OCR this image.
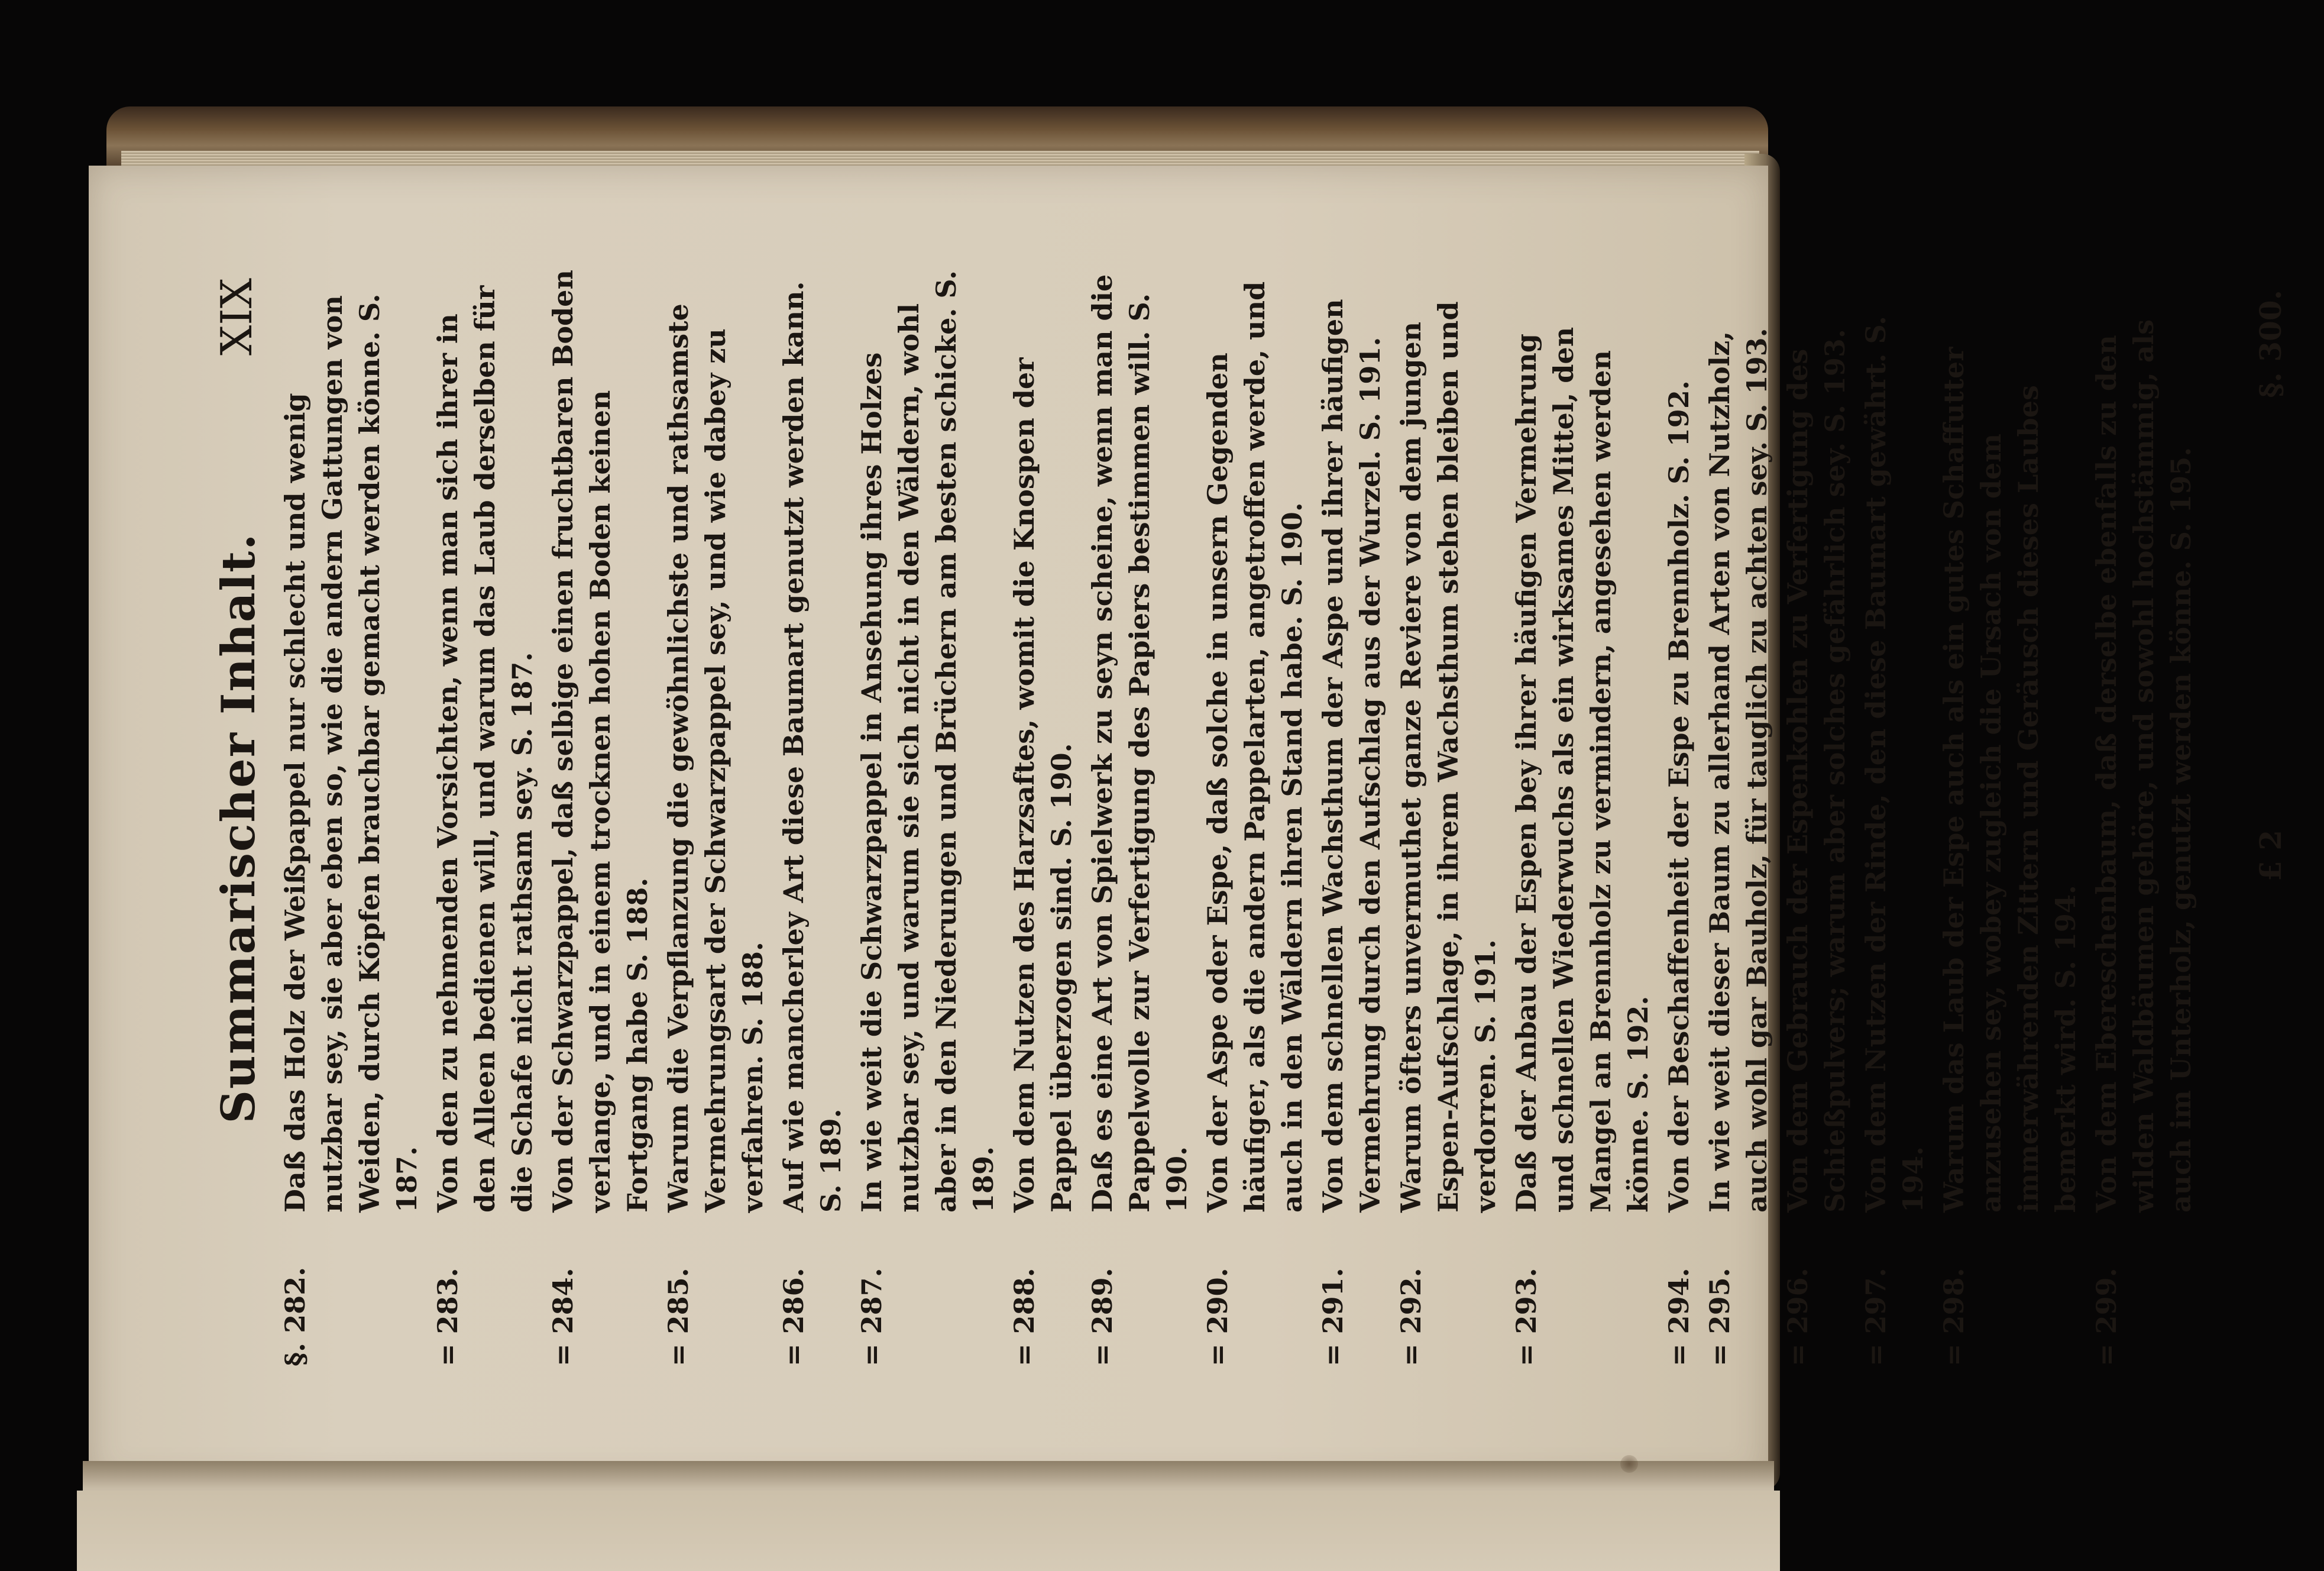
Summarischer Inhalt.
XIX
§. 282.
Daß das Holz der Weißpappel nur schlecht und wenig nutzbar sey, sie aber eben so, wie die andern Gattungen von Weiden, durch Köpfen brauchbar gemacht werden könne. S. 187.
= 283.
Von den zu nehmenden Vorsichten, wenn man sich ihrer in den Alleen bedienen will, und warum das Laub derselben für die Schafe nicht rathsam sey. S. 187.
= 284.
Von der Schwarzpappel, daß selbige einen fruchtbaren Boden verlange, und in einem trocknen hohen Boden keinen Fortgang habe S. 188.
= 285.
Warum die Verpflanzung die gewöhnlichste und rathsamste Vermehrungsart der Schwarzpappel sey, und wie dabey zu verfahren. S. 188.
= 286.
Auf wie mancherley Art diese Baumart genutzt werden kann. S. 189.
= 287.
In wie weit die Schwarzpappel in Ansehung ihres Holzes nutzbar sey, und warum sie sich nicht in den Wäldern, wohl aber in den Niederungen und Brüchern am besten schicke. S. 189.
= 288.
Von dem Nutzen des Harzsaftes, womit die Knospen der Pappel überzogen sind. S. 190.
= 289.
Daß es eine Art von Spielwerk zu seyn scheine, wenn man die Pappelwolle zur Verfertigung des Papiers bestimmen will. S. 190.
= 290.
Von der Aspe oder Espe, daß solche in unsern Gegenden häufiger, als die andern Pappelarten, angetroffen werde, und auch in den Wäldern ihren Stand habe. S. 190.
= 291.
Von dem schnellen Wachsthum der Aspe und ihrer häufigen Vermehrung durch den Aufschlag aus der Wurzel. S. 191.
= 292.
Warum öfters unvermuthet ganze Reviere von dem jungen Espen-Aufschlage, in ihrem Wachsthum stehen bleiben und verdorren. S. 191.
= 293.
Daß der Anbau der Espen bey ihrer häufigen Vermehrung und schnellen Wiederwuchs als ein wirksames Mittel, den Mangel an Brennholz zu vermindern, angesehen werden könne. S. 192.
= 294.
Von der Beschaffenheit der Espe zu Brennholz. S. 192.
= 295.
In wie weit dieser Baum zu allerhand Arten von Nutzholz, auch wohl gar Bauholz, für tauglich zu achten sey. S. 193.
= 296.
Von dem Gebrauch der Espenkohlen zu Verfertigung des Schießpulvers; warum aber solches gefährlich sey. S. 193.
= 297.
Von dem Nutzen der Rinde, den diese Baumart gewährt. S. 194.
= 298.
Warum das Laub der Espe auch als ein gutes Schaffutter anzusehen sey, wobey zugleich die Ursach von dem immerwährenden Zittern und Geräusch dieses Laubes bemerkt wird. S. 194.
= 299.
Von dem Ebereschenbaum, daß derselbe ebenfalls zu den wilden Waldbäumen gehöre, und sowohl hochstämmig, als auch im Unterholz, genutzt werden könne. S. 195. £ 2
§. 300.
